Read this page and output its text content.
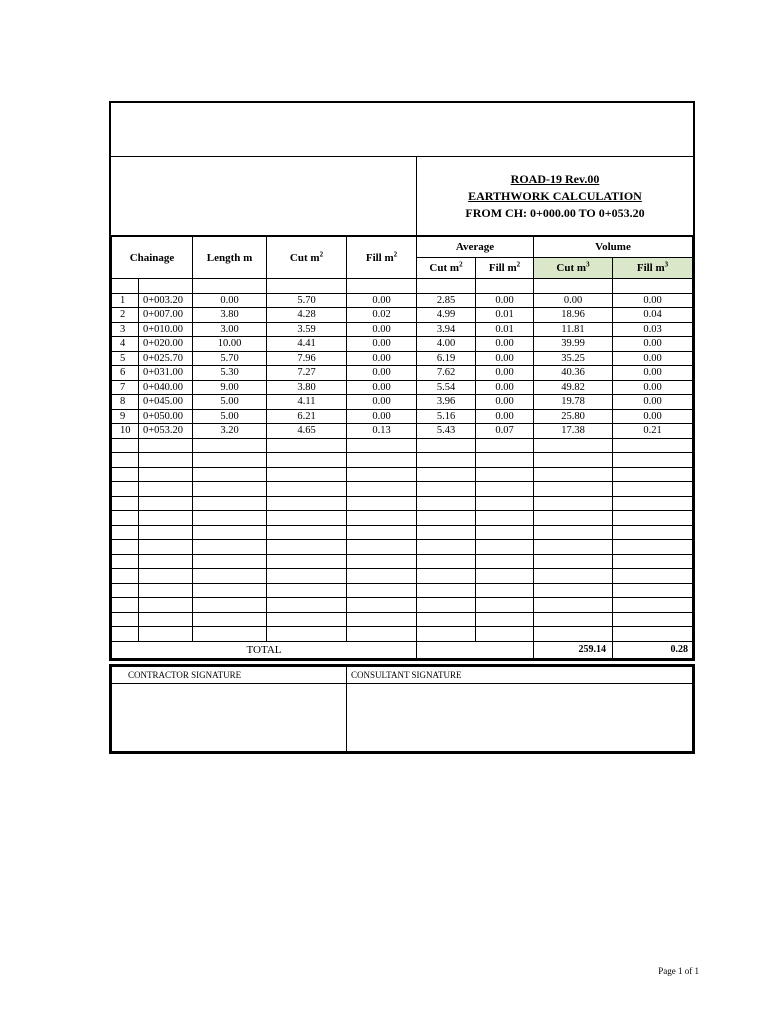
ROAD-19 Rev.00
EARTHWORK CALCULATION
FROM CH: 0+000.00 TO 0+053.20
Chainage		Length m	Cut $m^2$	Fill $m^2$	Average		Volume	
					Cut $m^2$	Fill $m^2$	Cut $m^3$	Fill $m^3$

1	0+003.20	0.00	5.70	0.00	2.85	0.00	0.00	0.00
2	0+007.00	3.80	4.28	0.02	4.99	0.01	18.96	0.04
3	0+010.00	3.00	3.59	0.00	3.94	0.01	11.81	0.03
4	0+020.00	10.00	4.41	0.00	4.00	0.00	39.99	0.00
5	0+025.70	5.70	7.96	0.00	6.19	0.00	35.25	0.00
6	0+031.00	5.30	7.27	0.00	7.62	0.00	40.36	0.00
7	0+040.00	9.00	3.80	0.00	5.54	0.00	49.82	0.00
8	0+045.00	5.00	4.11	0.00	3.96	0.00	19.78	0.00
9	0+050.00	5.00	6.21	0.00	5.16	0.00	25.80	0.00
10	0+053.20	3.20	4.65	0.13	5.43	0.07	17.38	0.21

TOTAL							259.14	0.28
CONTRACTOR SIGNATURE	CONSULTANT SIGNATURE

Page 1 of 1
